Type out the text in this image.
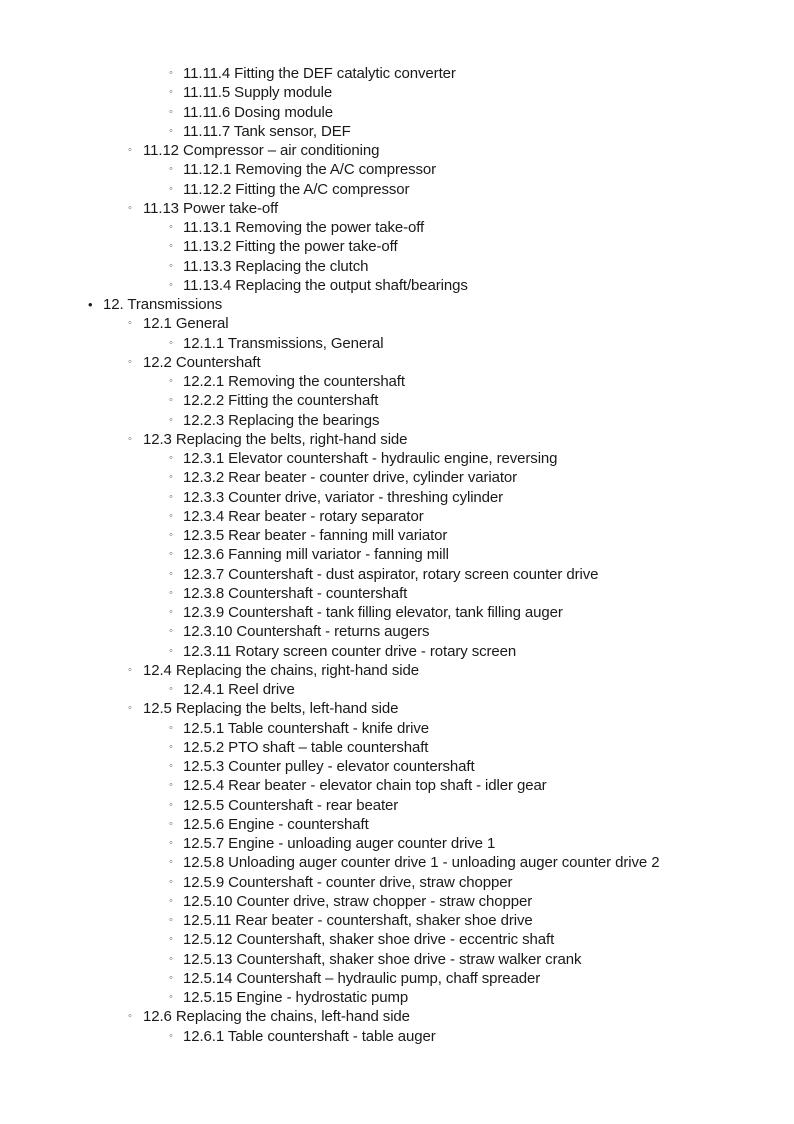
◦ 11.11.4 Fitting the DEF catalytic converter
◦ 11.11.5 Supply module
◦ 11.11.6 Dosing module
◦ 11.11.7 Tank sensor, DEF
◦ 11.12 Compressor – air conditioning
◦ 11.12.1 Removing the A/C compressor
◦ 11.12.2 Fitting the A/C compressor
◦ 11.13 Power take-off
◦ 11.13.1 Removing the power take-off
◦ 11.13.2 Fitting the power take-off
◦ 11.13.3 Replacing the clutch
◦ 11.13.4 Replacing the output shaft/bearings
• 12. Transmissions
◦ 12.1 General
◦ 12.1.1 Transmissions, General
◦ 12.2 Countershaft
◦ 12.2.1 Removing the countershaft
◦ 12.2.2 Fitting the countershaft
◦ 12.2.3 Replacing the bearings
◦ 12.3 Replacing the belts, right-hand side
◦ 12.3.1 Elevator countershaft - hydraulic engine, reversing
◦ 12.3.2 Rear beater - counter drive, cylinder variator
◦ 12.3.3 Counter drive, variator - threshing cylinder
◦ 12.3.4 Rear beater - rotary separator
◦ 12.3.5 Rear beater - fanning mill variator
◦ 12.3.6 Fanning mill variator - fanning mill
◦ 12.3.7 Countershaft - dust aspirator, rotary screen counter drive
◦ 12.3.8 Countershaft - countershaft
◦ 12.3.9 Countershaft - tank filling elevator, tank filling auger
◦ 12.3.10 Countershaft - returns augers
◦ 12.3.11 Rotary screen counter drive - rotary screen
◦ 12.4 Replacing the chains, right-hand side
◦ 12.4.1 Reel drive
◦ 12.5 Replacing the belts, left-hand side
◦ 12.5.1 Table countershaft - knife drive
◦ 12.5.2 PTO shaft – table countershaft
◦ 12.5.3 Counter pulley - elevator countershaft
◦ 12.5.4 Rear beater - elevator chain top shaft - idler gear
◦ 12.5.5 Countershaft - rear beater
◦ 12.5.6 Engine - countershaft
◦ 12.5.7 Engine - unloading auger counter drive 1
◦ 12.5.8 Unloading auger counter drive 1 - unloading auger counter drive 2
◦ 12.5.9 Countershaft - counter drive, straw chopper
◦ 12.5.10 Counter drive, straw chopper - straw chopper
◦ 12.5.11 Rear beater - countershaft, shaker shoe drive
◦ 12.5.12 Countershaft, shaker shoe drive - eccentric shaft
◦ 12.5.13 Countershaft, shaker shoe drive - straw walker crank
◦ 12.5.14 Countershaft – hydraulic pump, chaff spreader
◦ 12.5.15 Engine - hydrostatic pump
◦ 12.6 Replacing the chains, left-hand side
◦ 12.6.1 Table countershaft - table auger
